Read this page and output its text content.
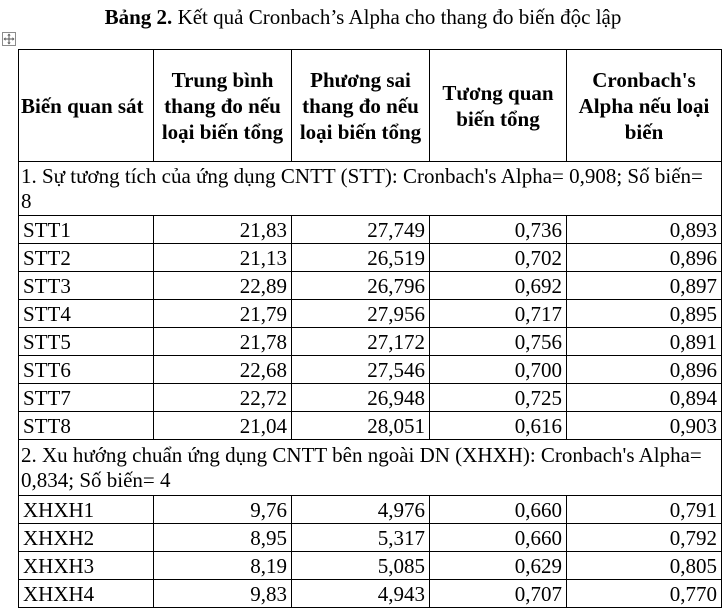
Bảng 2. Kết quả Cronbach’s Alpha cho thang đo biến độc lập
Biến quan sát	Trung bình thang đo nếu loại biến tổng	Phương sai thang đo nếu loại biến tổng	Tương quan biến tổng	Cronbach's Alpha nếu loại biến
1. Sự tương tích của ứng dụng CNTT (STT): Cronbach's Alpha= 0,908; Số biến= 8				
STT1	21,83	27,749	0,736	0,893
STT2	21,13	26,519	0,702	0,896
STT3	22,89	26,796	0,692	0,897
STT4	21,79	27,956	0,717	0,895
STT5	21,78	27,172	0,756	0,891
STT6	22,68	27,546	0,700	0,896
STT7	22,72	26,948	0,725	0,894
STT8	21,04	28,051	0,616	0,903
2. Xu hướng chuẩn ứng dụng CNTT bên ngoài DN (XHXH): Cronbach's Alpha= 0,834; Số biến= 4				
XHXH1	9,76	4,976	0,660	0,791
XHXH2	8,95	5,317	0,660	0,792
XHXH3	8,19	5,085	0,629	0,805
XHXH4	9,83	4,943	0,707	0,770
